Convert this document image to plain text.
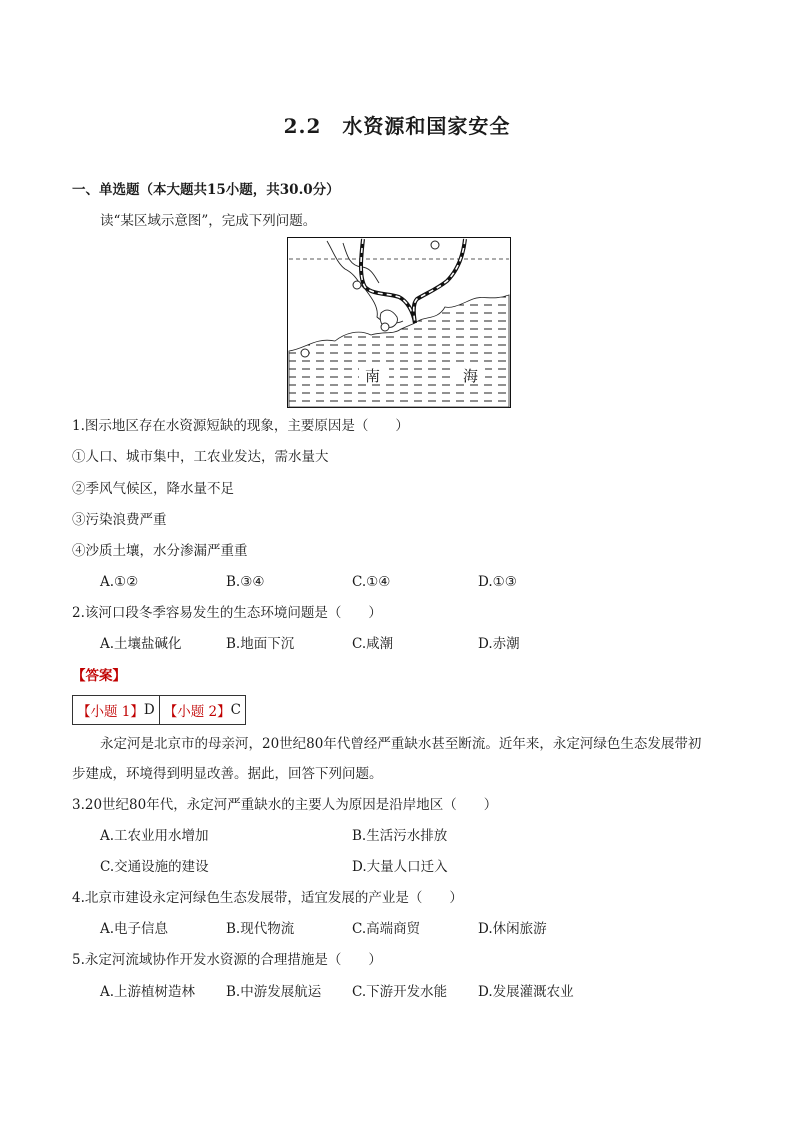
2.2　水资源和国家安全
一、单选题（本大题共15小题，共30.0分）
读“某区域示意图”，完成下列问题。
南	海
1.图示地区存在水资源短缺的现象，主要原因是（　　）
①人口、城市集中，工农业发达，需水量大
②季风气候区，降水量不足
③污染浪费严重
④沙质土壤，水分渗漏严重重
A.①②	B.③④	C.①④	D.①③
2.该河口段冬季容易发生的生态环境问题是（　　）
A.土壤盐碱化	B.地面下沉	C.咸潮	D.赤潮
【答案】
【小题 1】 D 【小题 2】 C
永定河是北京市的母亲河，20世纪80年代曾经严重缺水甚至断流。近年来，永定河绿色生态发展带初
步建成，环境得到明显改善。据此，回答下列问题。
3.20世纪80年代，永定河严重缺水的主要人为原因是沿岸地区（　　）
A.工农业用水增加	B.生活污水排放
C.交通设施的建设	D.大量人口迁入
4.北京市建设永定河绿色生态发展带，适宜发展的产业是（　　）
A.电子信息	B.现代物流	C.高端商贸	D.休闲旅游
5.永定河流域协作开发水资源的合理措施是（　　）
A.上游植树造林 B.中游发展航运 C.下游开发水能 D.发展灌溉农业
